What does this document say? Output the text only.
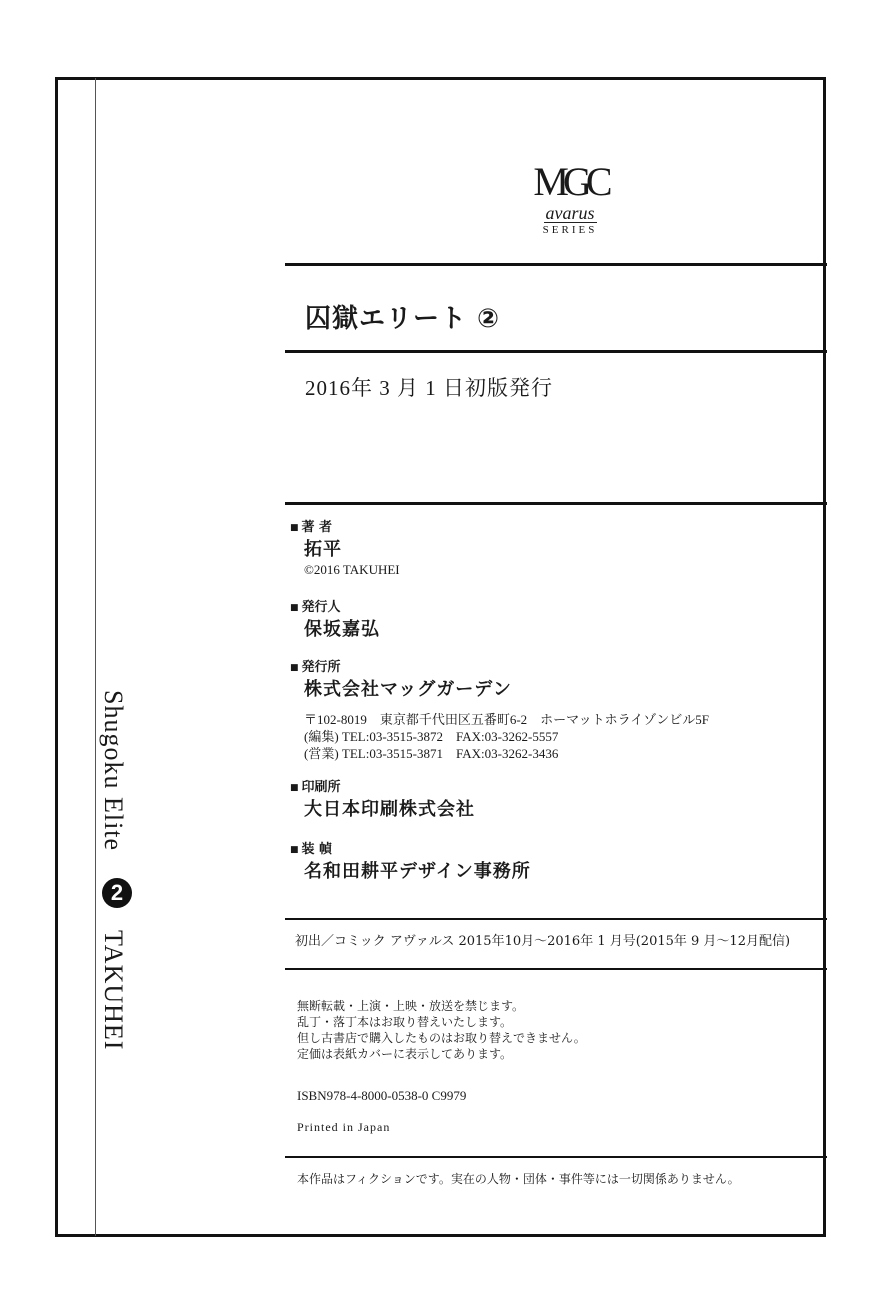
Shugoku Elite
2
TAKUHEI
MGC
avarus
SERIES
囚獄エリート ②
2016年 3 月 1 日初版発行
■ 著 者
拓平
©2016 TAKUHEI
■ 発行人
保坂嘉弘
■ 発行所
株式会社マッグガーデン
〒102-8019　東京都千代田区五番町6-2　ホーマットホライゾンビル5F
(編集) TEL:03-3515-3872　FAX:03-3262-5557
(営業) TEL:03-3515-3871　FAX:03-3262-3436
■ 印刷所
大日本印刷株式会社
■ 装 幀
名和田耕平デザイン事務所
初出／コミック アヴァルス 2015年10月～2016年 1 月号(2015年 9 月～12月配信)
無断転載・上演・上映・放送を禁じます。
乱丁・落丁本はお取り替えいたします。
但し古書店で購入したものはお取り替えできません。
定価は表紙カバーに表示してあります。
ISBN978-4-8000-0538-0 C9979
Printed in Japan
本作品はフィクションです。実在の人物・団体・事件等には一切関係ありません。
